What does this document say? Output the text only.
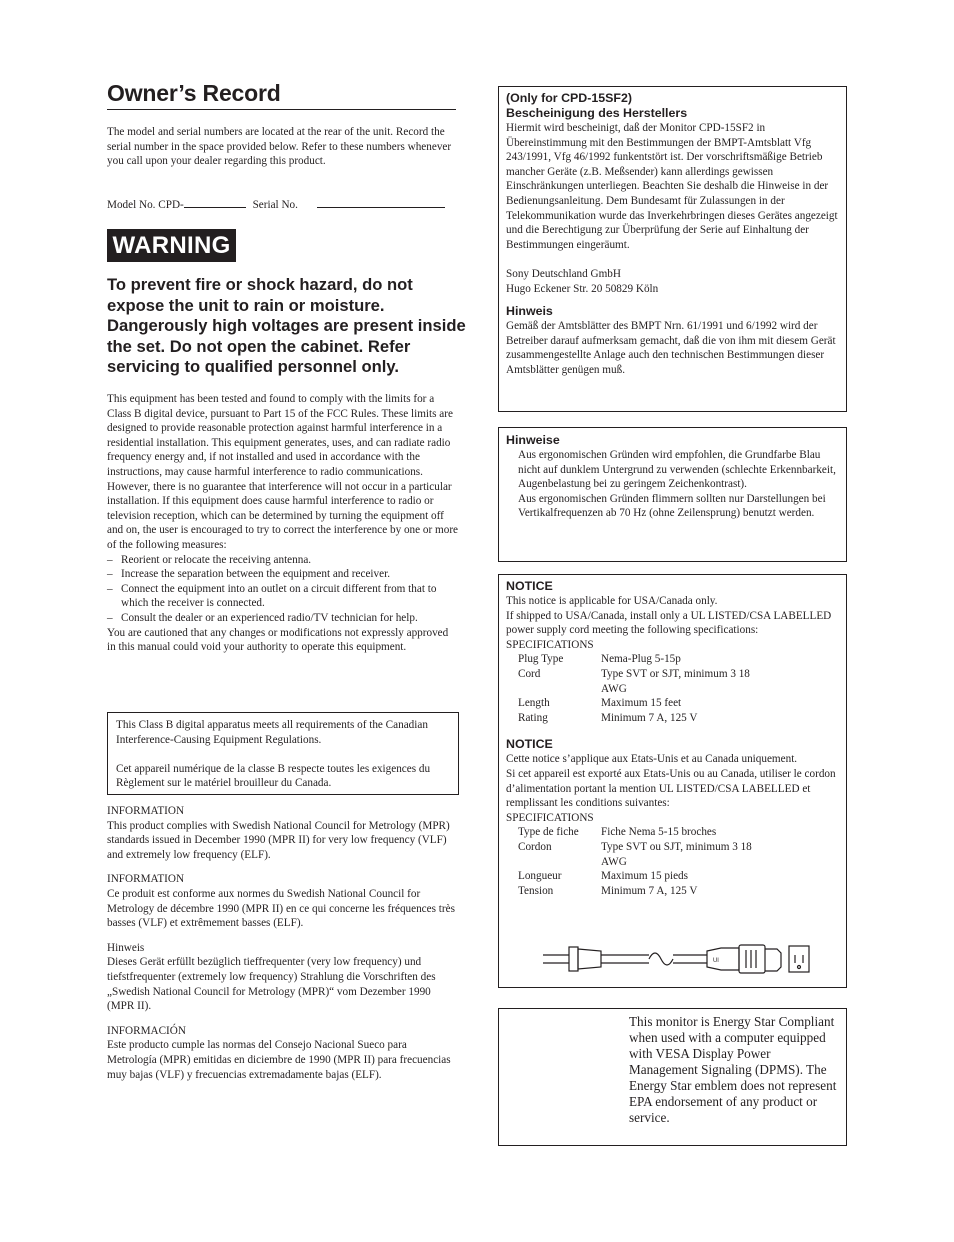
Owner’s Record
The model and serial numbers are located at the rear of the unit. Record the serial number in the space provided below. Refer to these numbers whenever you call upon your dealer regarding this product.
Model No. CPD-	Serial No.
WARNING
To prevent fire or shock hazard, do not expose the unit to rain or moisture. Dangerously high voltages are present inside the set. Do not open the cabinet. Refer servicing to qualified personnel only.

This equipment has been tested and found to comply with the limits for a Class B digital device, pursuant to Part 15 of the FCC Rules. These limits are designed to provide reasonable protection against harmful interference in a residential installation. This equipment generates, uses, and can radiate radio frequency energy and, if not installed and used in accordance with the instructions, may cause harmful interference to radio communications. However, there is no guarantee that interference will not occur in a particular installation. If this equipment does cause harmful interference to radio or television reception, which can be determined by turning the equipment off and on, the user is encouraged to try to correct the interference by one or more of the following measures:

– Reorient or relocate the receiving antenna.
– Increase the separation between the equipment and receiver.
– Connect the equipment into an outlet on a circuit different from that to which the receiver is connected.
– Consult the dealer or an experienced radio/TV technician for help.

You are cautioned that any changes or modifications not expressly approved in this manual could void your authority to operate this equipment.

This Class B digital apparatus meets all requirements of the Canadian Interference-Causing Equipment Regulations.

Cet appareil numérique de la classe B respecte toutes les exigences du Règlement sur le matériel brouilleur du Canada.

INFORMATION
This product complies with Swedish National Council for Metrology (MPR) standards issued in December 1990 (MPR II) for very low frequency (VLF) and extremely low frequency (ELF).
INFORMATION
Ce produit est conforme aux normes du Swedish National Council for Metrology de décembre 1990 (MPR II) en ce qui concerne les fréquences très basses (VLF) et extrêmement basses (ELF).
Hinweis
Dieses Gerät erfüllt bezüglich tieffrequenter (very low frequency) und tiefstfrequenter (extremely low frequency) Strahlung die Vorschriften des „Swedish National Council for Metrology (MPR)“ vom Dezember 1990 (MPR II).
INFORMACIÓN
Este producto cumple las normas del Consejo Nacional Sueco para Metrología (MPR) emitidas en diciembre de 1990 (MPR II) para frecuencias muy bajas (VLF) y frecuencias extremadamente bajas (ELF).
(Only for CPD-15SF2)
Bescheinigung des Herstellers
Hiermit wird bescheinigt, daß der Monitor CPD-15SF2 in Übereinstimmung mit den Bestimmungen der BMPT-Amtsblatt Vfg 243/1991, Vfg 46/1992 funkentstört ist. Der vorschriftsmäßige Betrieb mancher Geräte (z.B. Meßsender) kann allerdings gewissen Einschränkungen unterliegen. Beachten Sie deshalb die Hinweise in der Bedienungsanleitung. Dem Bundesamt für Zulassungen in der Telekommunikation wurde das Inverkehrbringen dieses Gerätes angezeigt und die Berechtigung zur Überprüfung der Serie auf Einhaltung der Bestimmungen eingeräumt.
Sony Deutschland GmbH
Hugo Eckener Str. 20 50829 Köln
Hinweis
Gemäß der Amtsblätter des BMPT Nrn. 61/1991 und 6/1992 wird der Betreiber darauf aufmerksam gemacht, daß die von ihm mit diesem Gerät zusammengestellte Anlage auch den technischen Bestimmungen dieser Amtsblätter genügen muß.
Hinweise
Aus ergonomischen Gründen wird empfohlen, die Grundfarbe Blau nicht auf dunklem Untergrund zu verwenden (schlechte Erkennbarkeit, Augenbelastung bei zu geringem Zeichenkontrast).
Aus ergonomischen Gründen flimmern sollten nur Darstellungen bei Vertikalfrequenzen ab 70 Hz (ohne Zeilensprung) benutzt werden.
NOTICE
This notice is applicable for USA/Canada only.
If shipped to USA/Canada, install only a UL LISTED/CSA LABELLED power supply cord meeting the following specifications:
SPECIFICATIONS
Plug Type	Nema-Plug 5-15p
Cord	Type SVT or SJT, minimum 3 18 AWG
Length	Maximum 15 feet
Rating	Minimum 7 A, 125 V
NOTICE
Cette notice s’applique aux Etats-Unis et au Canada uniquement.
Si cet appareil est exporté aux Etats-Unis ou au Canada, utiliser le cordon d’alimentation portant la mention UL LISTED/CSA LABELLED et remplissant les conditions suivantes:
SPECIFICATIONS
Type de fiche	Fiche Nema 5-15 broches
Cordon	Type SVT ou SJT, minimum 3 18 AWG
Longueur	Maximum 15 pieds
Tension	Minimum 7 A, 125 V
Ul
This monitor is Energy Star Compliant when used with a computer equipped with VESA Display Power Management Signaling (DPMS). The Energy Star emblem does not represent EPA endorsement of any product or service.
